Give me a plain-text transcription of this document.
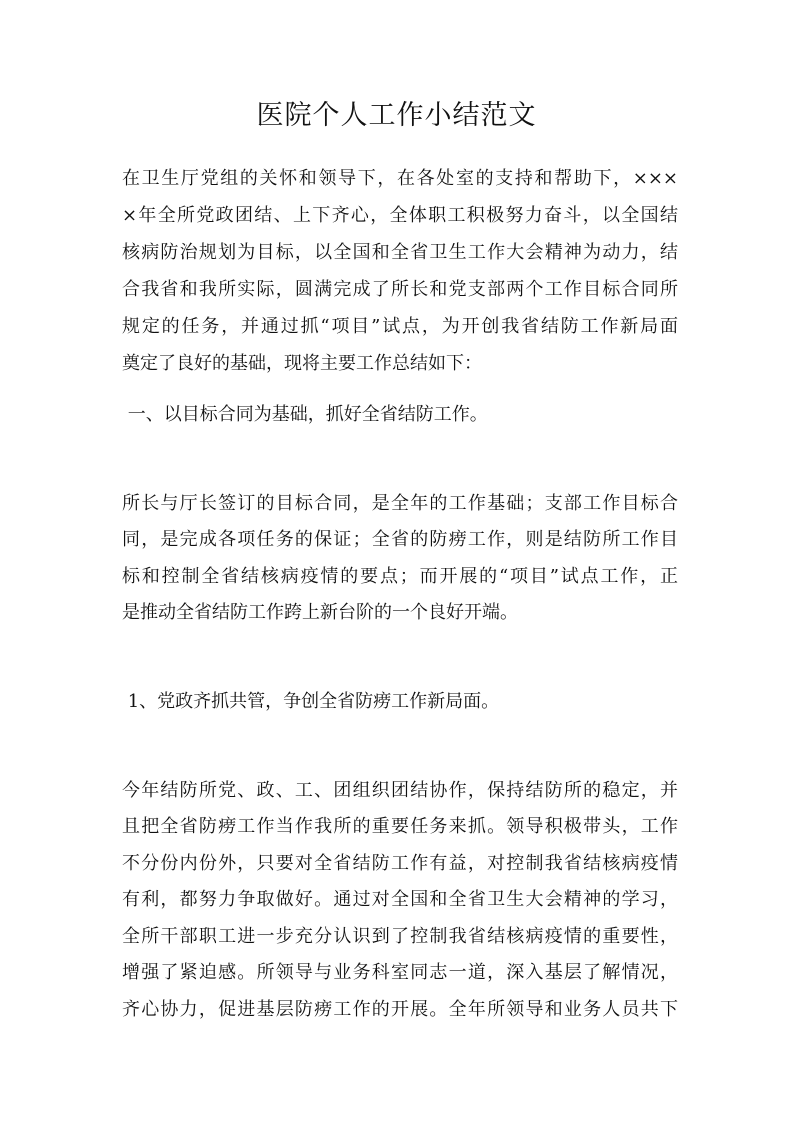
医院个人工作小结范文
在卫生厅党组的关怀和领导下，在各处室的支持和帮助下，×××
×年全所党政团结、上下齐心，全体职工积极努力奋斗，以全国结
核病防治规划为目标，以全国和全省卫生工作大会精神为动力，结
合我省和我所实际，圆满完成了所长和党支部两个工作目标合同所
规定的任务，并通过抓“项目”试点，为开创我省结防工作新局面
奠定了良好的基础，现将主要工作总结如下：
一、以目标合同为基础，抓好全省结防工作。
所长与厅长签订的目标合同，是全年的工作基础；支部工作目标合
同，是完成各项任务的保证；全省的防痨工作，则是结防所工作目
标和控制全省结核病疫情的要点；而开展的“项目”试点工作，正
是推动全省结防工作跨上新台阶的一个良好开端。
1、党政齐抓共管，争创全省防痨工作新局面。
今年结防所党、政、工、团组织团结协作，保持结防所的稳定，并
且把全省防痨工作当作我所的重要任务来抓。领导积极带头，工作
不分份内份外，只要对全省结防工作有益，对控制我省结核病疫情
有利，都努力争取做好。通过对全国和全省卫生大会精神的学习，
全所干部职工进一步充分认识到了控制我省结核病疫情的重要性，
增强了紧迫感。所领导与业务科室同志一道，深入基层了解情况，
齐心协力，促进基层防痨工作的开展。全年所领导和业务人员共下
